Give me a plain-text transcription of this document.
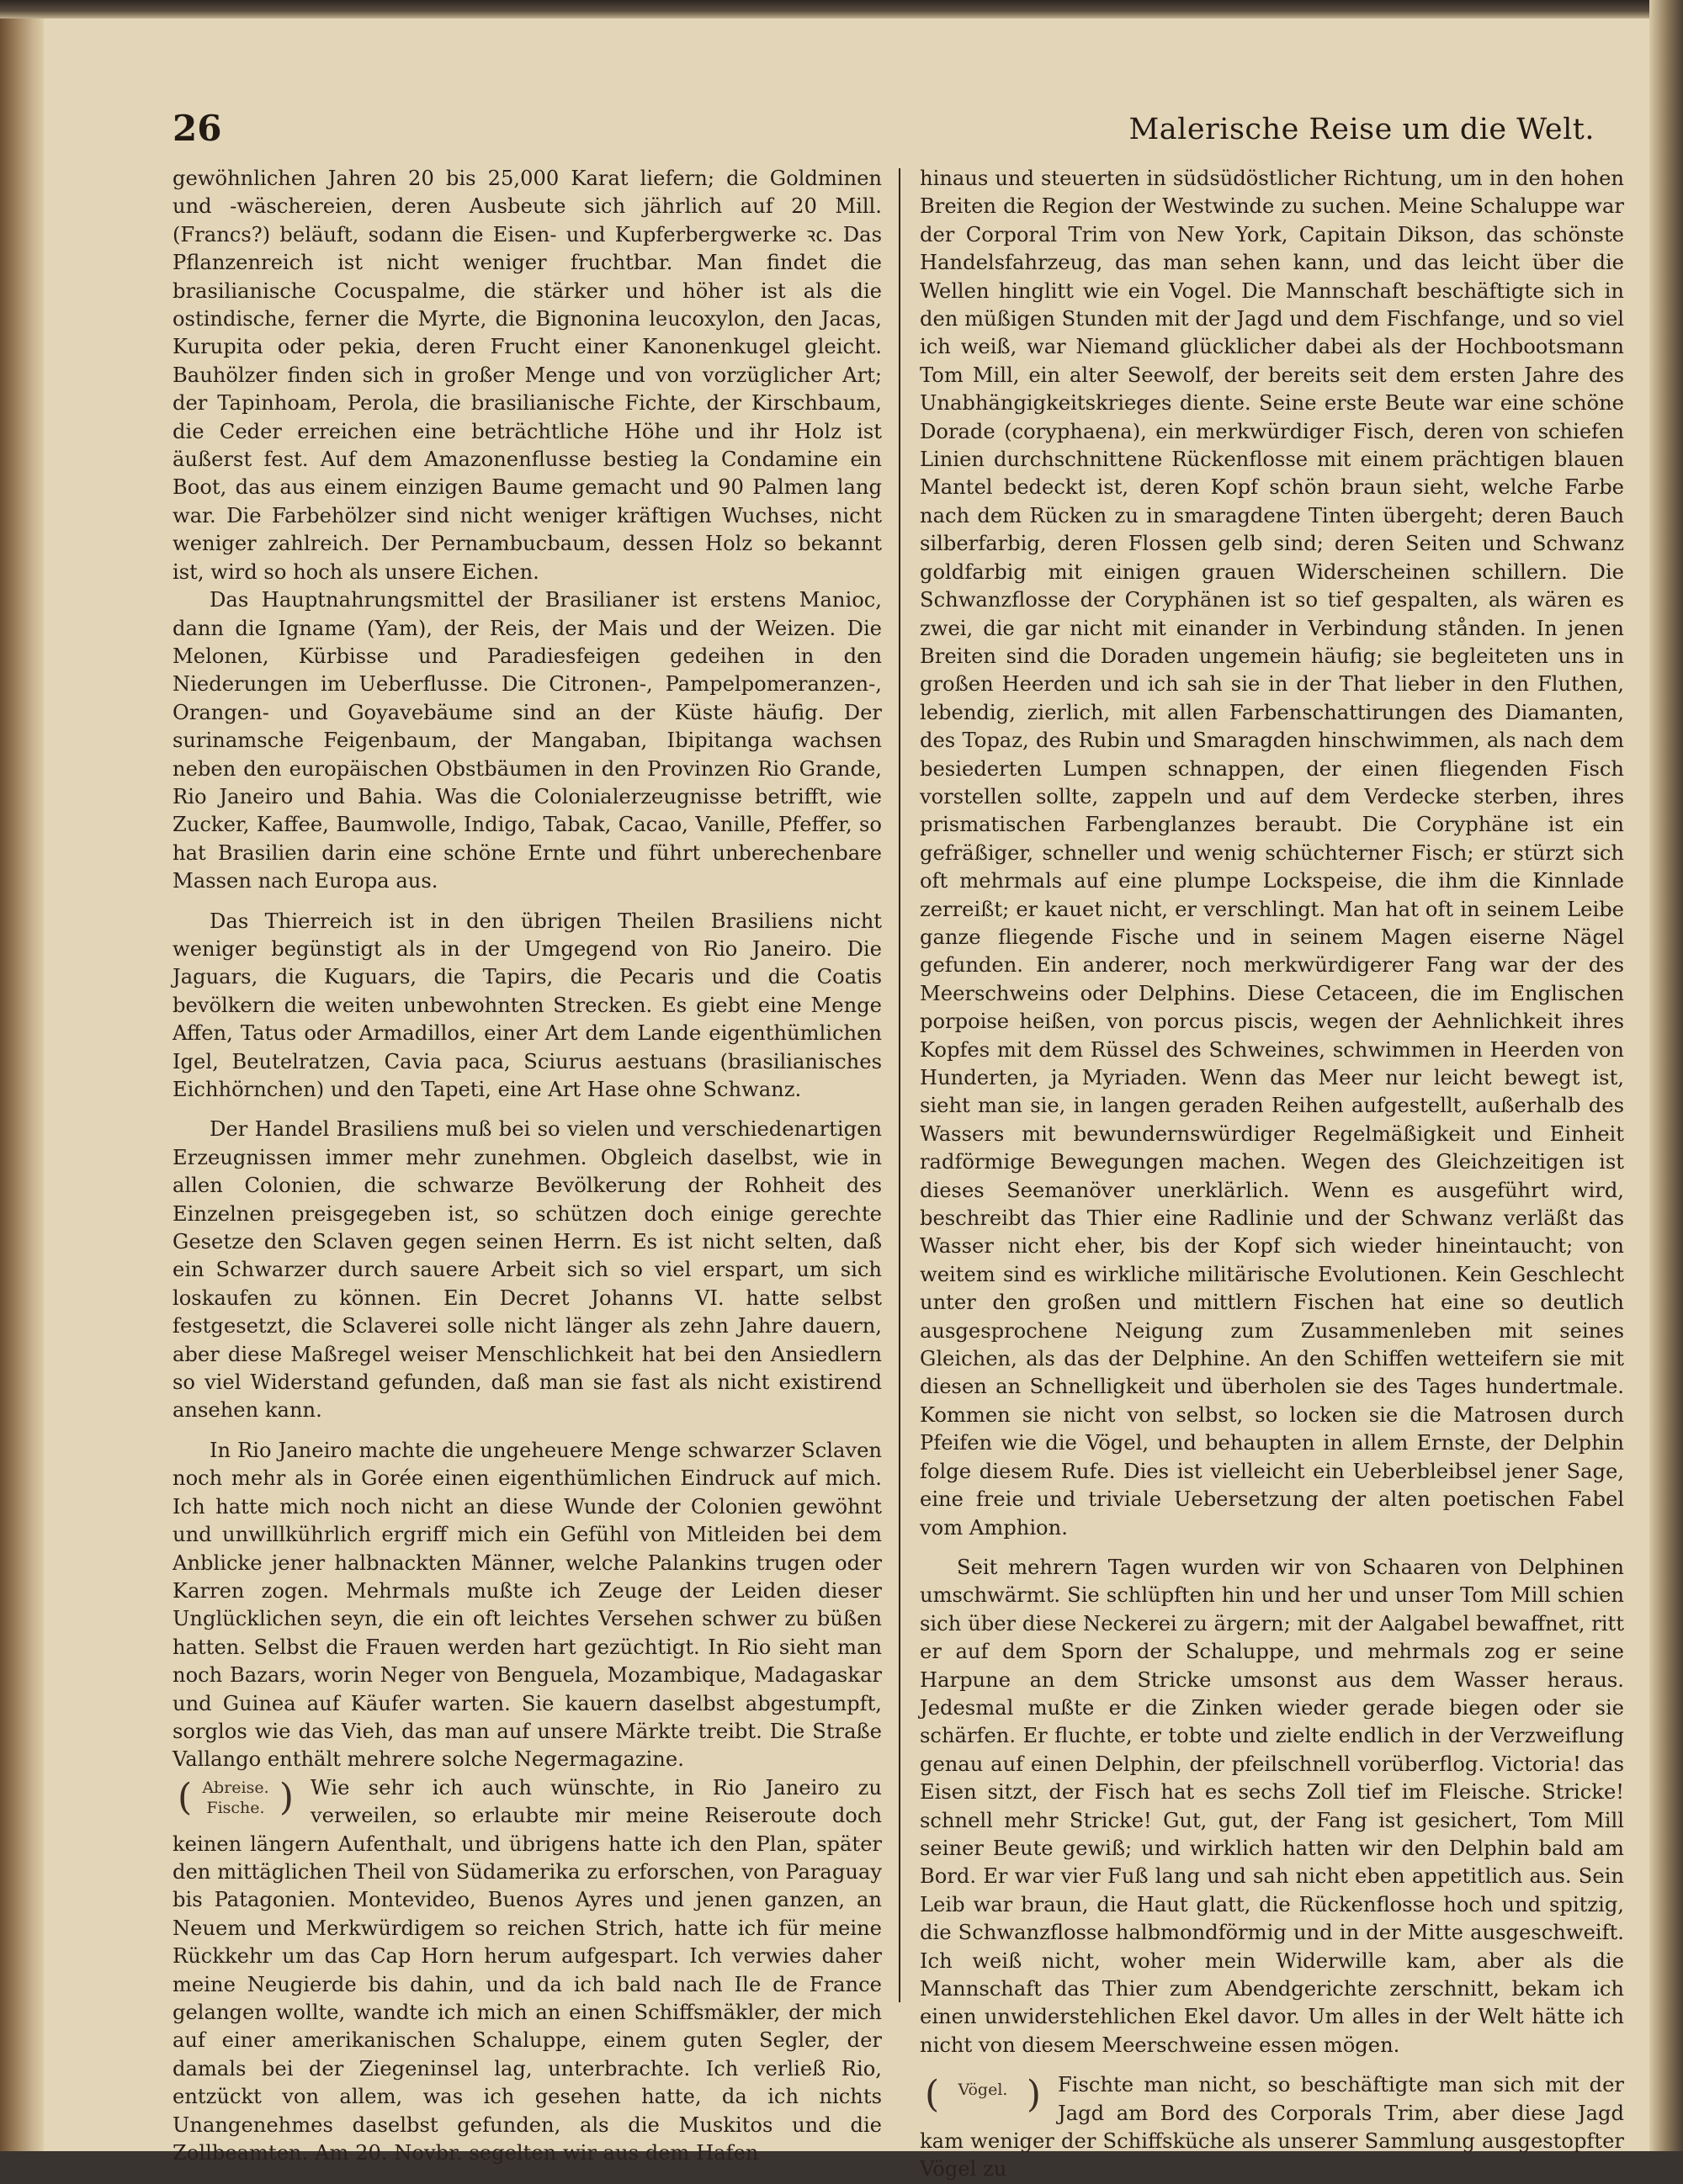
26	Malerische Reise um die Welt.

gewöhnlichen Jahren 20 bis 25,000 Karat liefern; die Goldminen und -wäschereien, deren Ausbeute sich jährlich auf 20 Mill. (Francs?) beläuft, sodann die Eisen- und Kupferbergwerke ꝛc. Das Pflanzenreich ist nicht weniger fruchtbar. Man findet die brasilianische Cocuspalme, die stärker und höher ist als die ostindische, ferner die Myrte, die Bignonina leucoxylon, den Jacas, Kurupita oder pekia, deren Frucht einer Kanonenkugel gleicht. Bauhölzer finden sich in großer Menge und von vorzüglicher Art; der Tapinhoam, Perola, die brasilianische Fichte, der Kirschbaum, die Ceder erreichen eine beträchtliche Höhe und ihr Holz ist äußerst fest. Auf dem Amazonenflusse bestieg la Condamine ein Boot, das aus einem einzigen Baume gemacht und 90 Palmen lang war. Die Farbehölzer sind nicht weniger kräftigen Wuchses, nicht weniger zahlreich. Der Pernambucbaum, dessen Holz so bekannt ist, wird so hoch als unsere Eichen.

Das Hauptnahrungsmittel der Brasilianer ist erstens Manioc, dann die Igname (Yam), der Reis, der Mais und der Weizen. Die Melonen, Kürbisse und Paradiesfeigen gedeihen in den Niederungen im Ueberflusse. Die Citronen-, Pampelpomeranzen-, Orangen- und Goyavebäume sind an der Küste häufig. Der surinamsche Feigenbaum, der Mangaban, Ibipitanga wachsen neben den europäischen Obstbäumen in den Provinzen Rio Grande, Rio Janeiro und Bahia. Was die Colonialerzeugnisse betrifft, wie Zucker, Kaffee, Baumwolle, Indigo, Tabak, Cacao, Vanille, Pfeffer, so hat Brasilien darin eine schöne Ernte und führt unberechenbare Massen nach Europa aus.

Das Thierreich ist in den übrigen Theilen Brasiliens nicht weniger begünstigt als in der Umgegend von Rio Janeiro. Die Jaguars, die Kuguars, die Tapirs, die Pecaris und die Coatis bevölkern die weiten unbewohnten Strecken. Es giebt eine Menge Affen, Tatus oder Armadillos, einer Art dem Lande eigenthümlichen Igel, Beutelratzen, Cavia paca, Sciurus aestuans (brasilianisches Eichhörnchen) und den Tapeti, eine Art Hase ohne Schwanz.

Der Handel Brasiliens muß bei so vielen und verschiedenartigen Erzeugnissen immer mehr zunehmen. Obgleich daselbst, wie in allen Colonien, die schwarze Bevölkerung der Rohheit des Einzelnen preisgegeben ist, so schützen doch einige gerechte Gesetze den Sclaven gegen seinen Herrn. Es ist nicht selten, daß ein Schwarzer durch sauere Arbeit sich so viel erspart, um sich loskaufen zu können. Ein Decret Johanns VI. hatte selbst festgesetzt, die Sclaverei solle nicht länger als zehn Jahre dauern, aber diese Maßregel weiser Menschlichkeit hat bei den Ansiedlern so viel Widerstand gefunden, daß man sie fast als nicht existirend ansehen kann.

In Rio Janeiro machte die ungeheuere Menge schwarzer Sclaven noch mehr als in Gorée einen eigenthümlichen Eindruck auf mich. Ich hatte mich noch nicht an diese Wunde der Colonien gewöhnt und unwillkührlich ergriff mich ein Gefühl von Mitleiden bei dem Anblicke jener halbnackten Männer, welche Palankins trugen oder Karren zogen. Mehrmals mußte ich Zeuge der Leiden dieser Unglücklichen seyn, die ein oft leichtes Versehen schwer zu büßen hatten. Selbst die Frauen werden hart gezüchtigt. In Rio sieht man noch Bazars, worin Neger von Benguela, Mozambique, Madagaskar und Guinea auf Käufer warten. Sie kauern daselbst abgestumpft, sorglos wie das Vieh, das man auf unsere Märkte treibt. Die Straße Vallango enthält mehrere solche Negermagazine.

( Abreise. Fische.
)
Wie sehr ich auch wünschte, in Rio Janeiro zu verweilen, so erlaubte mir meine Reiseroute doch keinen längern Aufenthalt, und übrigens hatte ich den Plan, später den mittäglichen Theil von Südamerika zu erforschen, von Paraguay bis Patagonien. Montevideo, Buenos Ayres und jenen ganzen, an Neuem und Merkwürdigem so reichen Strich, hatte ich für meine Rückkehr um das Cap Horn herum aufgespart. Ich verwies daher meine Neugierde bis dahin, und da ich bald nach Ile de France gelangen wollte, wandte ich mich an einen Schiffsmäkler, der mich auf einer amerikanischen Schaluppe, einem guten Segler, der damals bei der Ziegeninsel lag, unterbrachte. Ich verließ Rio, entzückt von allem, was ich gesehen hatte, da ich nichts Unangenehmes daselbst gefunden, als die Muskitos und die Zollbeamten. Am 20. Novbr. segelten wir aus dem Hafen

hinaus und steuerten in südsüdöstlicher Richtung, um in den hohen Breiten die Region der Westwinde zu suchen. Meine Schaluppe war der Corporal Trim von New York, Capitain Dikson, das schönste Handelsfahrzeug, das man sehen kann, und das leicht über die Wellen hinglitt wie ein Vogel. Die Mannschaft beschäftigte sich in den müßigen Stunden mit der Jagd und dem Fischfange, und so viel ich weiß, war Niemand glücklicher dabei als der Hochbootsmann Tom Mill, ein alter Seewolf, der bereits seit dem ersten Jahre des Unabhängigkeitskrieges diente. Seine erste Beute war eine schöne Dorade (coryphaena), ein merkwürdiger Fisch, deren von schiefen Linien durchschnittene Rückenflosse mit einem prächtigen blauen Mantel bedeckt ist, deren Kopf schön braun sieht, welche Farbe nach dem Rücken zu in smaragdene Tinten übergeht; deren Bauch silberfarbig, deren Flossen gelb sind; deren Seiten und Schwanz goldfarbig mit einigen grauen Widerscheinen schillern. Die Schwanzflosse der Coryphänen ist so tief gespalten, als wären es zwei, die gar nicht mit einander in Verbindung stånden. In jenen Breiten sind die Doraden ungemein häufig; sie begleiteten uns in großen Heerden und ich sah sie in der That lieber in den Fluthen, lebendig, zierlich, mit allen Farbenschattirungen des Diamanten, des Topaz, des Rubin und Smaragden hinschwimmen, als nach dem besiederten Lumpen schnappen, der einen fliegenden Fisch vorstellen sollte, zappeln und auf dem Verdecke sterben, ihres prismatischen Farbenglanzes beraubt. Die Coryphäne ist ein gefräßiger, schneller und wenig schüchterner Fisch; er stürzt sich oft mehrmals auf eine plumpe Lockspeise, die ihm die Kinnlade zerreißt; er kauet nicht, er verschlingt. Man hat oft in seinem Leibe ganze fliegende Fische und in seinem Magen eiserne Nägel gefunden. Ein anderer, noch merkwürdigerer Fang war der des Meerschweins oder Delphins. Diese Cetaceen, die im Englischen porpoise heißen, von porcus piscis, wegen der Aehnlichkeit ihres Kopfes mit dem Rüssel des Schweines, schwimmen in Heerden von Hunderten, ja Myriaden. Wenn das Meer nur leicht bewegt ist, sieht man sie, in langen geraden Reihen aufgestellt, außerhalb des Wassers mit bewundernswürdiger Regelmäßigkeit und Einheit radförmige Bewegungen machen. Wegen des Gleichzeitigen ist dieses Seemanöver unerklärlich. Wenn es ausgeführt wird, beschreibt das Thier eine Radlinie und der Schwanz verläßt das Wasser nicht eher, bis der Kopf sich wieder hineintaucht; von weitem sind es wirkliche militärische Evolutionen. Kein Geschlecht unter den großen und mittlern Fischen hat eine so deutlich ausgesprochene Neigung zum Zusammenleben mit seines Gleichen, als das der Delphine. An den Schiffen wetteifern sie mit diesen an Schnelligkeit und überholen sie des Tages hundertmale. Kommen sie nicht von selbst, so locken sie die Matrosen durch Pfeifen wie die Vögel, und behaupten in allem Ernste, der Delphin folge diesem Rufe. Dies ist vielleicht ein Ueberbleibsel jener Sage, eine freie und triviale Uebersetzung der alten poetischen Fabel vom Amphion.

Seit mehrern Tagen wurden wir von Schaaren von Delphinen umschwärmt. Sie schlüpften hin und her und unser Tom Mill schien sich über diese Neckerei zu ärgern; mit der Aalgabel bewaffnet, ritt er auf dem Sporn der Schaluppe, und mehrmals zog er seine Harpune an dem Stricke umsonst aus dem Wasser heraus. Jedesmal mußte er die Zinken wieder gerade biegen oder sie schärfen. Er fluchte, er tobte und zielte endlich in der Verzweiflung genau auf einen Delphin, der pfeilschnell vorüberflog. Victoria! das Eisen sitzt, der Fisch hat es sechs Zoll tief im Fleische. Stricke! schnell mehr Stricke! Gut, gut, der Fang ist gesichert, Tom Mill seiner Beute gewiß; und wirklich hatten wir den Delphin bald am Bord. Er war vier Fuß lang und sah nicht eben appetitlich aus. Sein Leib war braun, die Haut glatt, die Rückenflosse hoch und spitzig, die Schwanzflosse halbmondförmig und in der Mitte ausgeschweift. Ich weiß nicht, woher mein Widerwille kam, aber als die Mannschaft das Thier zum Abendgerichte zerschnitt, bekam ich einen unwiderstehlichen Ekel davor. Um alles in der Welt hätte ich nicht von diesem Meerschweine essen mögen.

( Vögel.
)	Fischte man nicht, so beschäftigte man sich mit der Jagd am Bord des Corporals Trim, aber diese Jagd kam weniger der Schiffsküche als unserer Sammlung ausgestopfter Vögel zu
